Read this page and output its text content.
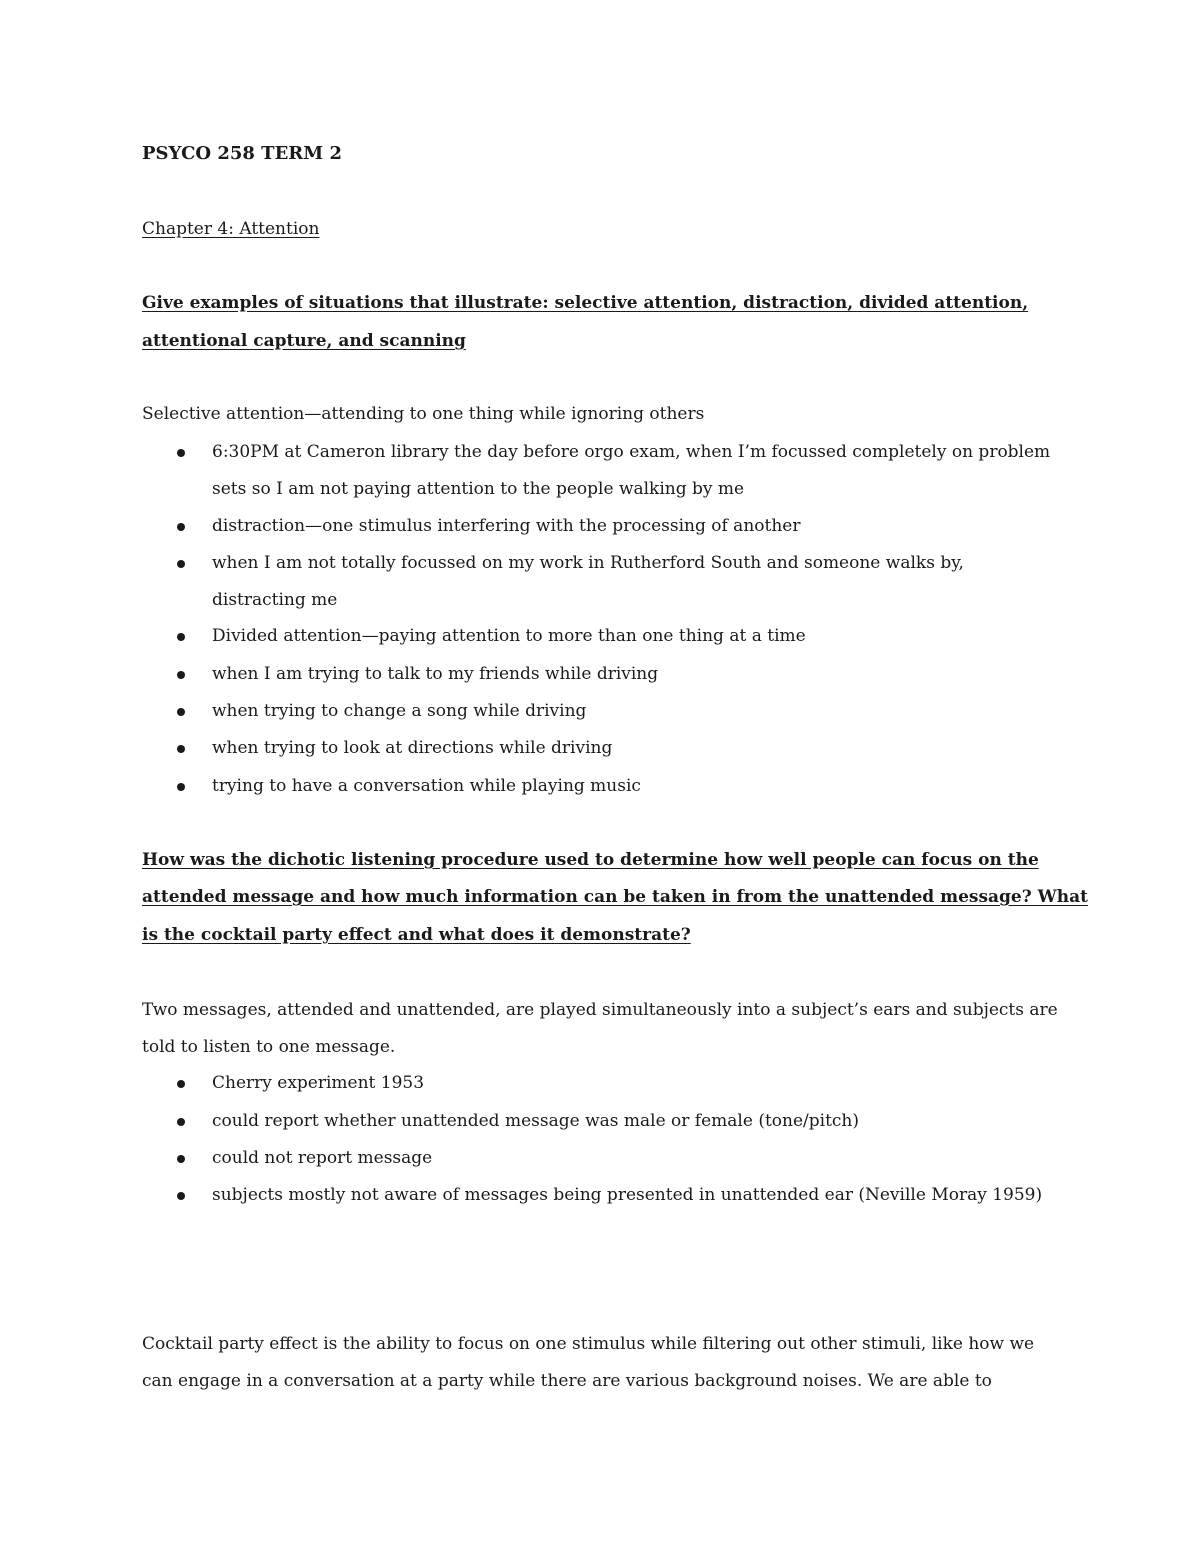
PSYCO 258 TERM 2
Chapter 4: Attention
Give examples of situations that illustrate: selective attention, distraction, divided attention,
attentional capture, and scanning
Selective attention—attending to one thing while ignoring others
6:30PM at Cameron library the day before orgo exam, when I’m focussed completely on problem
sets so I am not paying attention to the people walking by me
distraction—one stimulus interfering with the processing of another
when I am not totally focussed on my work in Rutherford South and someone walks by,
distracting me
Divided attention—paying attention to more than one thing at a time
when I am trying to talk to my friends while driving
when trying to change a song while driving
when trying to look at directions while driving
trying to have a conversation while playing music
How was the dichotic listening procedure used to determine how well people can focus on the
attended message and how much information can be taken in from the unattended message? What
is the cocktail party effect and what does it demonstrate?
Two messages, attended and unattended, are played simultaneously into a subject’s ears and subjects are
told to listen to one message.
Cherry experiment 1953
could report whether unattended message was male or female (tone/pitch)
could not report message
subjects mostly not aware of messages being presented in unattended ear (Neville Moray 1959)
Cocktail party effect is the ability to focus on one stimulus while filtering out other stimuli, like how we
can engage in a conversation at a party while there are various background noises. We are able to
